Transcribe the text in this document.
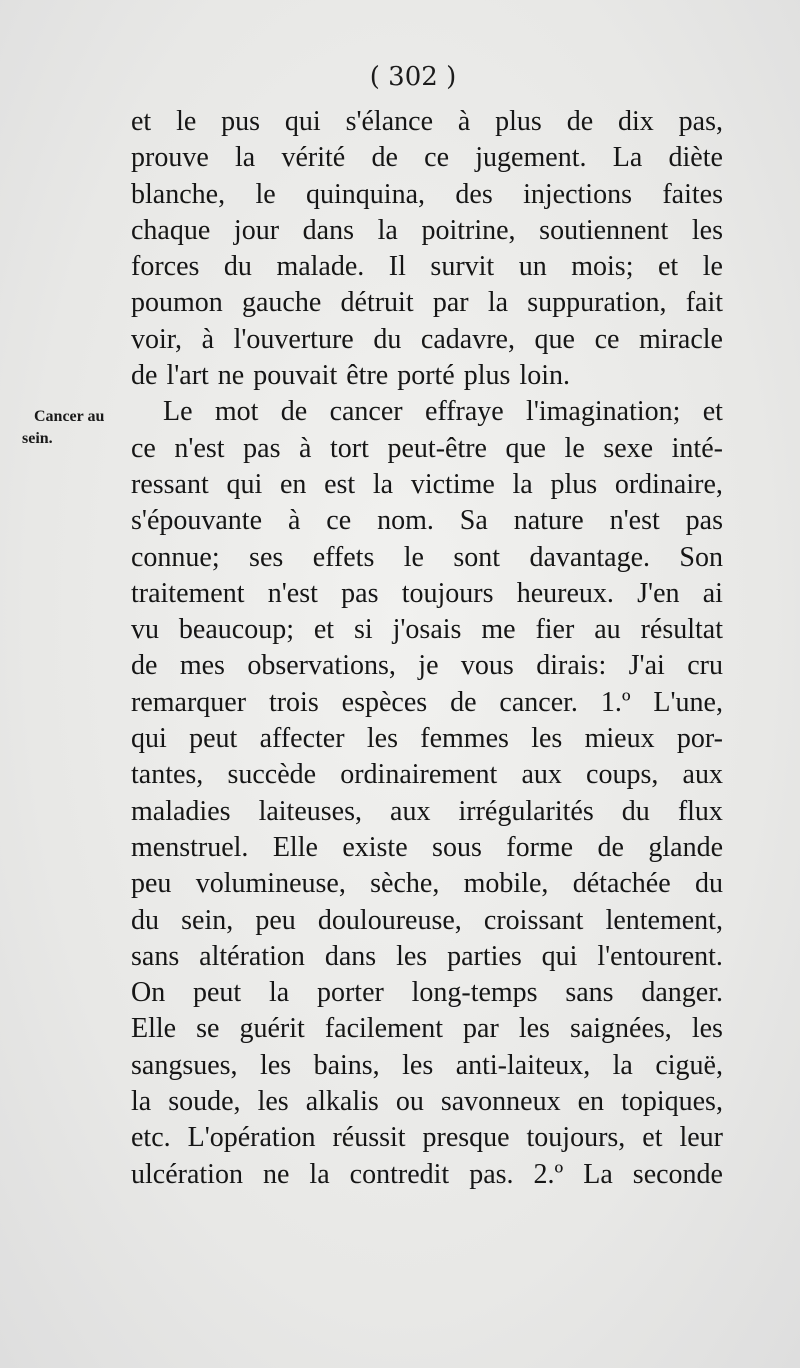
( 302 )
Cancer au
sein.
et le pus qui s'élance à plus de dix pas,
prouve la vérité de ce jugement. La diète
blanche, le quinquina, des injections faites
chaque jour dans la poitrine, soutiennent les
forces du malade. Il survit un mois; et le
poumon gauche détruit par la suppuration, fait
voir, à l'ouverture du cadavre, que ce miracle
de l'art ne pouvait être porté plus loin.
Le mot de cancer effraye l'imagination; et
ce n'est pas à tort peut-être que le sexe inté-
ressant qui en est la victime la plus ordinaire,
s'épouvante à ce nom. Sa nature n'est pas
connue; ses effets le sont davantage. Son
traitement n'est pas toujours heureux. J'en ai
vu beaucoup; et si j'osais me fier au résultat
de mes observations, je vous dirais: J'ai cru
remarquer trois espèces de cancer. 1.º L'une,
qui peut affecter les femmes les mieux por-
tantes, succède ordinairement aux coups, aux
maladies laiteuses, aux irrégularités du flux
menstruel. Elle existe sous forme de glande
peu volumineuse, sèche, mobile, détachée du
du sein, peu douloureuse, croissant lentement,
sans altération dans les parties qui l'entourent.
On peut la porter long-temps sans danger.
Elle se guérit facilement par les saignées, les
sangsues, les bains, les anti-laiteux, la ciguë,
la soude, les alkalis ou savonneux en topiques,
etc. L'opération réussit presque toujours, et leur
ulcération ne la contredit pas. 2.º La seconde
